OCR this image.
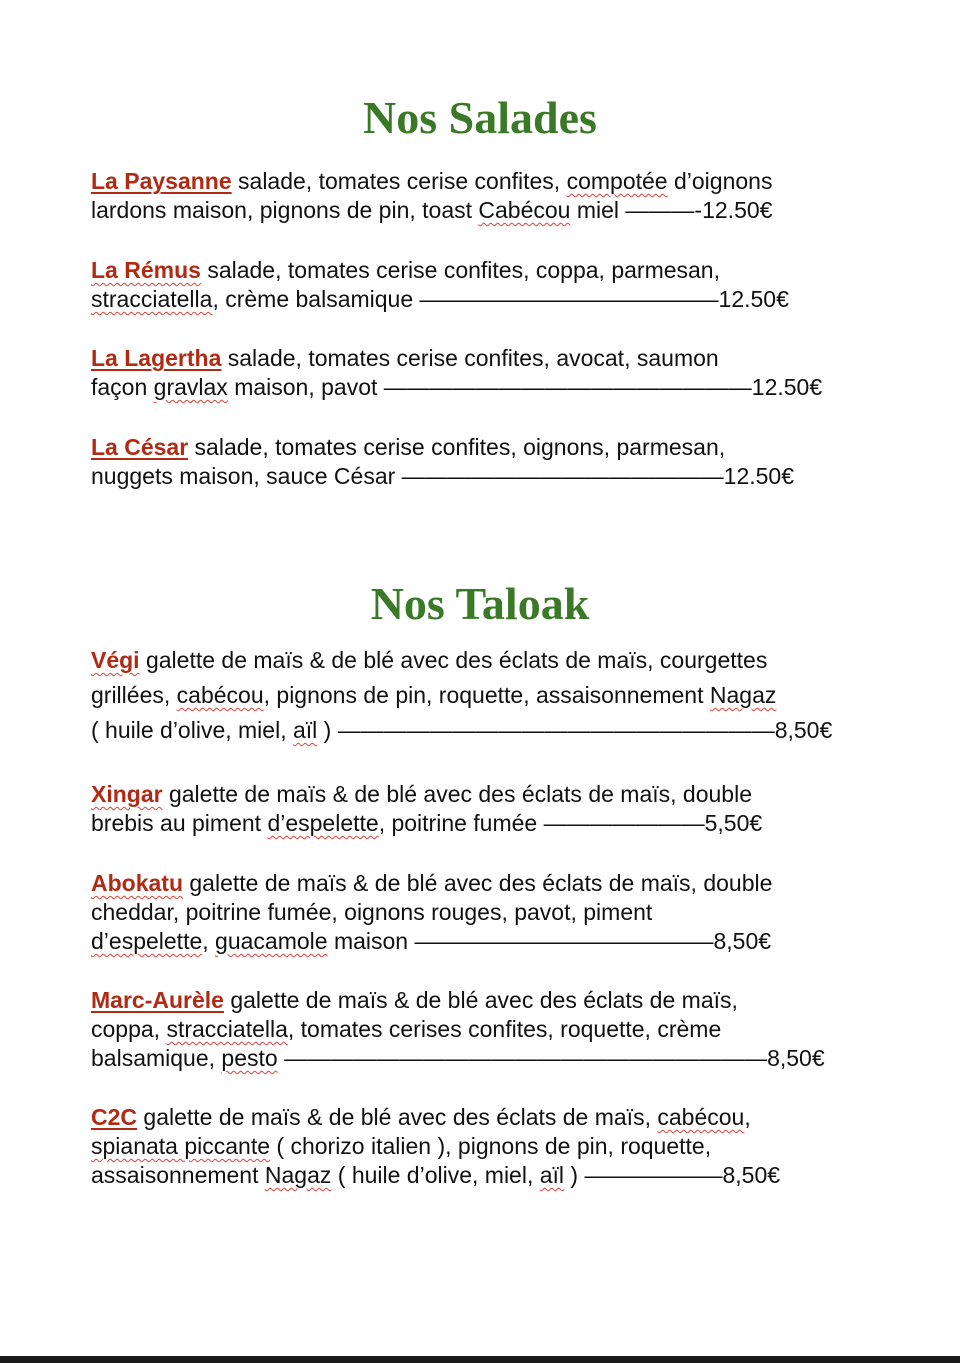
Nos Salades
La Paysanne salade, tomates cerise confites, compotée d’oignons
lardons maison, pignons de pin, toast Cabécou miel ———-12.50€
La Rémus salade, tomates cerise confites, coppa, parmesan,
stracciatella, crème balsamique —————————————12.50€
La Lagertha salade, tomates cerise confites, avocat, saumon
façon gravlax maison, pavot ————————————————12.50€
La César salade, tomates cerise confites, oignons, parmesan,
nuggets maison, sauce César ——————————————12.50€
Nos Taloak
Végi galette de maïs & de blé avec des éclats de maïs, courgettes
grillées, cabécou, pignons de pin, roquette, assaisonnement Nagaz
( huile d’olive, miel, aïl ) ———————————————————8,50€
Xingar galette de maïs & de blé avec des éclats de maïs, double
brebis au piment d’espelette, poitrine fumée ———————5,50€
Abokatu galette de maïs & de blé avec des éclats de maïs, double
cheddar, poitrine fumée, oignons rouges, pavot, piment
d’espelette, guacamole maison —————————————8,50€
Marc-Aurèle galette de maïs & de blé avec des éclats de maïs,
coppa, stracciatella, tomates cerises confites, roquette, crème
balsamique, pesto —————————————————————8,50€
C2C galette de maïs & de blé avec des éclats de maïs, cabécou,
spianata piccante ( chorizo italien ), pignons de pin, roquette,
assaisonnement Nagaz ( huile d’olive, miel, aïl ) ——————8,50€
